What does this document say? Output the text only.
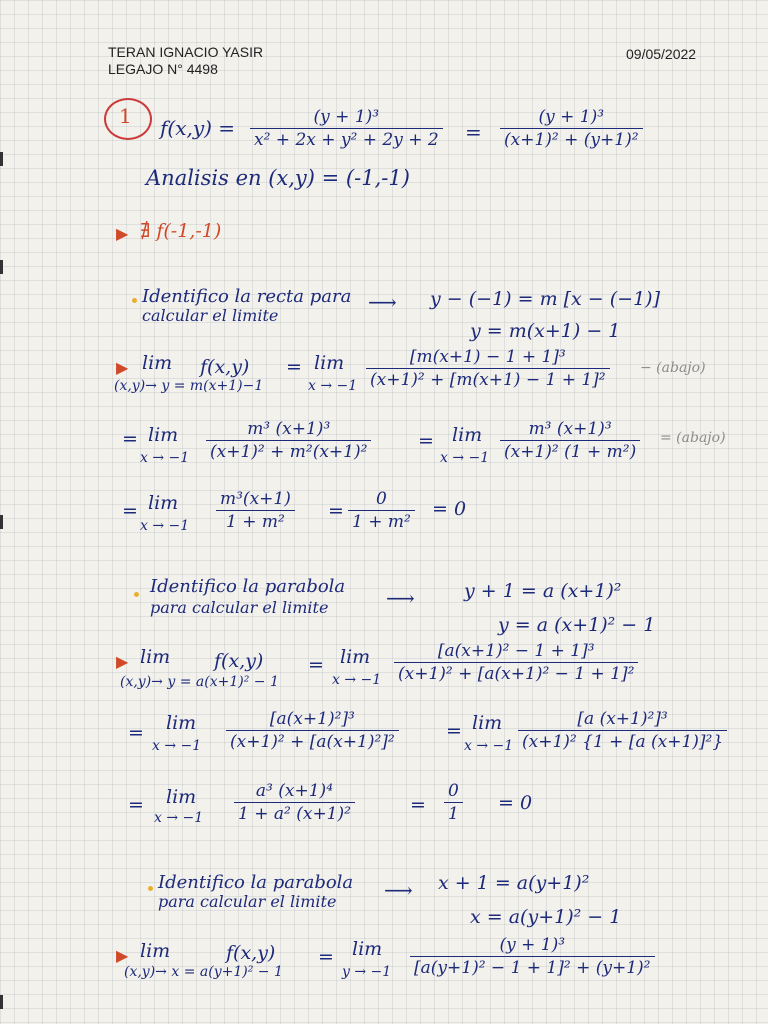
TERAN IGNACIO YASIR
LEGAJO N° 4498
09/05/2022
1 f(x,y) =	(y + 1)³
x² + 2x + y² + 2y + 2 =
(y + 1)³
(x+1)² + (y+1)²
Analisis en (x,y) = (-1,-1)
▶ ∄ f(-1,-1)
Identifico la recta para
calcular el limite
⟶ y − (−1) = m [x − (−1)]
y = m(x+1) − 1
▶ lim
(x,y)→ y = m(x+1)−1
f(x,y) = lim
x → −1
[m(x+1) − 1 + 1]³
(x+1)² + [m(x+1) − 1 + 1]²
− (abajo)
= lim
x → −1
m³ (x+1)³
(x+1)² + m²(x+1)²
= lim
x → −1
m³ (x+1)³
(x+1)² (1 + m²)
= (abajo)
= lim
x → −1
m³(x+1)
1 + m²
=
0
1 + m²
= 0
Identifico la parabola
para calcular el limite	⟶	y + 1 = a (x+1)²
y = a (x+1)² − 1
▶ lim
(x,y)→ y = a(x+1)² − 1
f(x,y) = lim
x → −1
[a(x+1)² − 1 + 1]³
(x+1)² + [a(x+1)² − 1 + 1]²
= lim
x → −1
[a(x+1)²]³
(x+1)² + [a(x+1)²]²
= lim
x → −1
[a (x+1)²]³
(x+1)² {1 + [a (x+1)]²}
= lim
x → −1
a³ (x+1)⁴
1 + a² (x+1)²	=
0
1
= 0
Identifico la parabola
para calcular el limite ⟶ x + 1 = a(y+1)²
x = a(y+1)² − 1
▶ lim
(x,y)→ x = a(y+1)² − 1
f(x,y) = lim
y → −1
(y + 1)³
[a(y+1)² − 1 + 1]² + (y+1)²
